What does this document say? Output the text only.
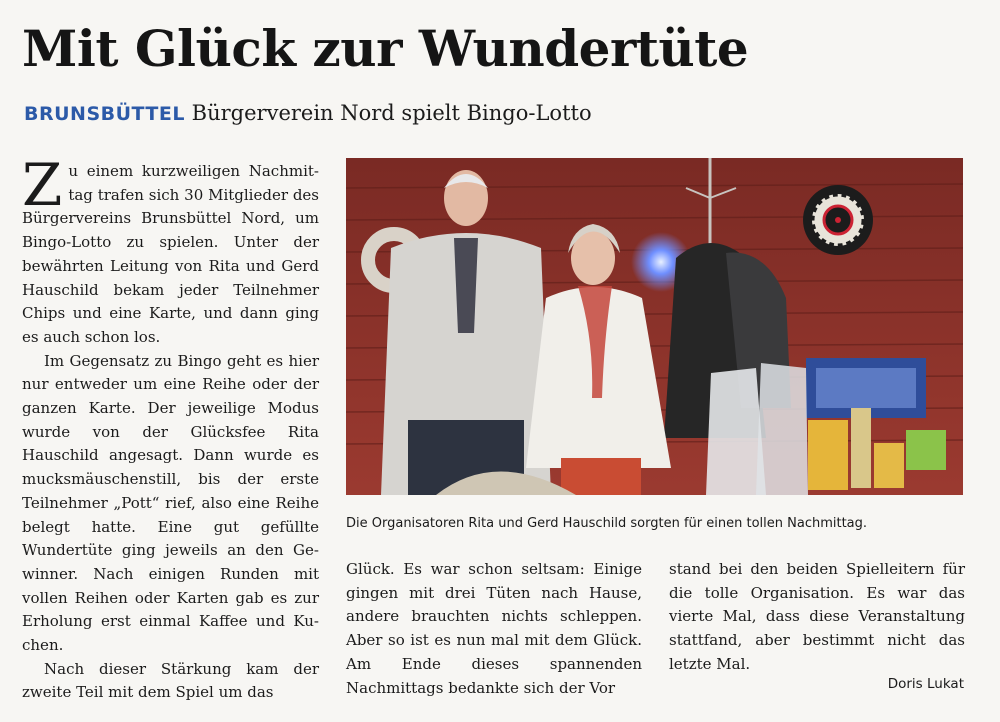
Mit Glück zur Wundertüte

BRUNSBÜTTEL Bürgerverein Nord spielt Bingo-Lotto

Zu einem kurzweiligen Nachmittag trafen sich 30 Mitglieder des Bürgervereins Brunsbüttel Nord, um Bingo-Lotto zu spielen. Unter der bewährten Leitung von Rita und Gerd Hauschild bekam jeder Teilnehmer Chips und eine Karte, und dann ging es auch schon los.

Im Gegensatz zu Bingo geht es hier nur entweder um eine Reihe oder der ganzen Karte. Der jeweilige Modus wurde von der Glücksfee Rita Hauschild angesagt. Dann wurde es mucksmäuschenstill, bis der erste Teilnehmer „Pott“ rief, also eine Reihe belegt hatte. Eine gut gefüllte Wundertüte ging jeweils an den Gewinner. Nach einigen Runden mit vollen Reihen oder Karten gab es zur Erholung erst einmal Kaffee und Kuchen.

Nach dieser Stärkung kam der zweite Teil mit dem Spiel um das

Die Organisatoren Rita und Gerd Hauschild sorgten für einen tollen Nachmittag.

Glück. Es war schon seltsam: Einige gingen mit drei Tüten nach Hause, andere brauchten nichts schleppen. Aber so ist es nun mal mit dem Glück. Am Ende dieses spannenden Nachmittags bedankte sich der Vor

stand bei den beiden Spielleitern für die tolle Organisation. Es war das vierte Mal, dass diese Veranstaltung stattfand, aber bestimmt nicht das letzte Mal.

Doris Lukat
